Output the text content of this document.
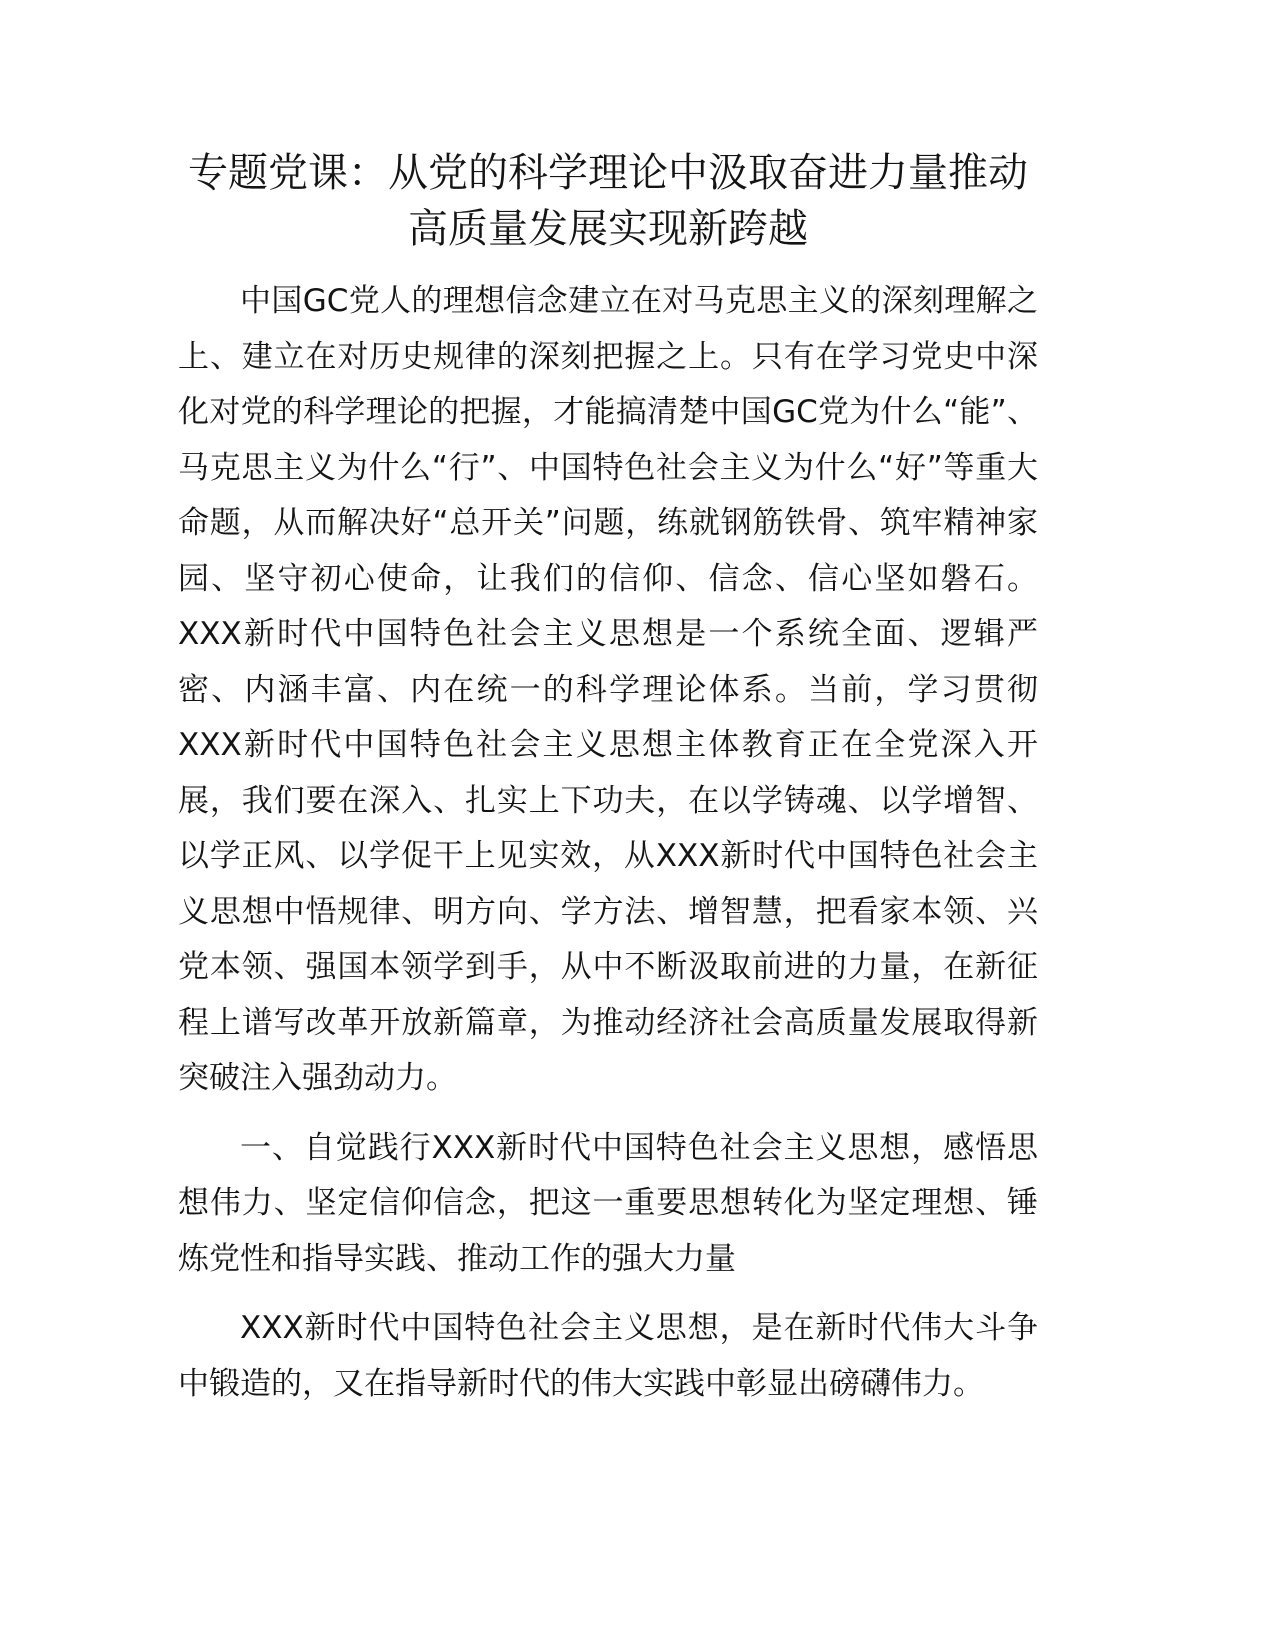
专题党课：从党的科学理论中汲取奋进力量推动高质量发展实现新跨越

中国GC党人的理想信念建立在对马克思主义的深刻理解之上、建立在对历史规律的深刻把握之上。只有在学习党史中深化对党的科学理论的把握，才能搞清楚中国GC党为什么“能”、马克思主义为什么“行”、中国特色社会主义为什么“好”等重大命题，从而解决好“总开关”问题，练就钢筋铁骨、筑牢精神家园、坚守初心使命，让我们的信仰、信念、信心坚如磐石。XXX新时代中国特色社会主义思想是一个系统全面、逻辑严密、内涵丰富、内在统一的科学理论体系。当前，学习贯彻XXX新时代中国特色社会主义思想主体教育正在全党深入开展，我们要在深入、扎实上下功夫，在以学铸魂、以学增智、以学正风、以学促干上见实效，从XXX新时代中国特色社会主义思想中悟规律、明方向、学方法、增智慧，把看家本领、兴党本领、强国本领学到手，从中不断汲取前进的力量，在新征程上谱写改革开放新篇章，为推动经济社会高质量发展取得新突破注入强劲动力。

一、自觉践行XXX新时代中国特色社会主义思想，感悟思想伟力、坚定信仰信念，把这一重要思想转化为坚定理想、锤炼党性和指导实践、推动工作的强大力量

XXX新时代中国特色社会主义思想，是在新时代伟大斗争中锻造的，又在指导新时代的伟大实践中彰显出磅礴伟力。
